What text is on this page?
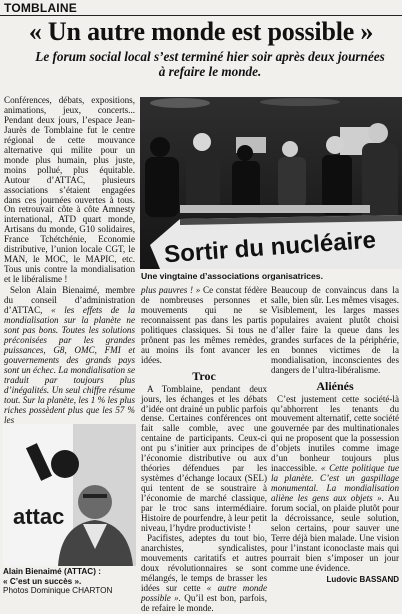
TOMBLAINE
« Un autre monde est possible »
Le forum social local s’est terminé hier soir après deux journées à refaire le monde.

Conférences, débats, expositions, animations, jeux, concerts... Pendant deux jours, l’espace Jean-Jaurès de Tomblaine fut le centre régional de cette mouvance alternative qui milite pour un monde plus humain, plus juste, moins pollué, plus équitable. Autour d’ATTAC, plusieurs associations s’étaient engagées dans ces journées ouvertes à tous. On retrouvait côte à côte Amnesty international, ATD quart monde, Artisans du monde, G10 solidaires, France Tchétchénie, Economie distributive, l’union locale CGT, le MAN, le MOC, le MAPIC, etc. Tous unis contre la mondialisation et le libéralisme !

Selon Alain Bienaimé, membre du conseil d’administration d’ATTAC, « les effets de la mondialisation sur la planète ne sont pas bons. Toutes les solutions préconisées par les grandes puissances, G8, OMC, FMI et gouvernements des grands pays sont un échec. La mondialisation se traduit par toujours plus d’inégalités. Un seul chiffre résume tout. Sur la planète, les 1 % les plus riches possèdent plus que les 57 % les

Sortir du nucléaire
Une vingtaine d’associations organisatrices.
attac
Alain Bienaimé (ATTAC) :
« C’est un succès ».
Photos Dominique CHARTON

plus pauvres ! » Ce constat fédère de nombreuses personnes et mouvements qui ne se reconnaissent pas dans les partis politiques classiques. Si tous ne prônent pas les mêmes remèdes, au moins ils font avancer les idées.

Troc

A Tomblaine, pendant deux jours, les échanges et les débats d’idée ont drainé un public parfois dense. Certaines conférences ont fait salle comble, avec une centaine de participants. Ceux-ci ont pu s’initier aux principes de l’économie distributive ou aux théories défendues par les systèmes d’échange locaux (SEL) qui tentent de se soustraire à l’économie de marché classique, par le troc sans intermédiaire. Histoire de pourfendre, à leur petit niveau, l’hydre productiviste !

Pacifistes, adeptes du tout bio, anarchistes, syndicalistes, mouvements caritatifs et autres doux révolutionnaires se sont mélangés, le temps de brasser les idées sur cette « autre monde possible ». Qu’il est bon, parfois, de refaire le monde.

Beaucoup de convaincus dans la salle, bien sûr. Les mêmes visages. Visiblement, les larges masses populaires avaient plutôt choisi d’aller faire la queue dans les grandes surfaces de la périphérie, en bonnes victimes de la mondialisation, inconscientes des dangers de l’ultra-libéralisme.

Aliénés

C’est justement cette société-là qu’abhorrent les tenants du mouvement alternatif, cette société gouvernée par des multinationales qui ne proposent que la possession d’objets inutiles comme image d’un bonheur toujours plus inaccessible. « Cette politique tue la planète. C’est un gaspillage monumental. La mondialisation aliène les gens aux objets ». Au forum social, on plaide plutôt pour la décroissance, seule solution, selon certains, pour sauver une Terre déjà bien malade. Une vision pour l’instant iconoclaste mais qui pourrait bien s’imposer un jour comme une évidence.

Ludovic BASSAND
